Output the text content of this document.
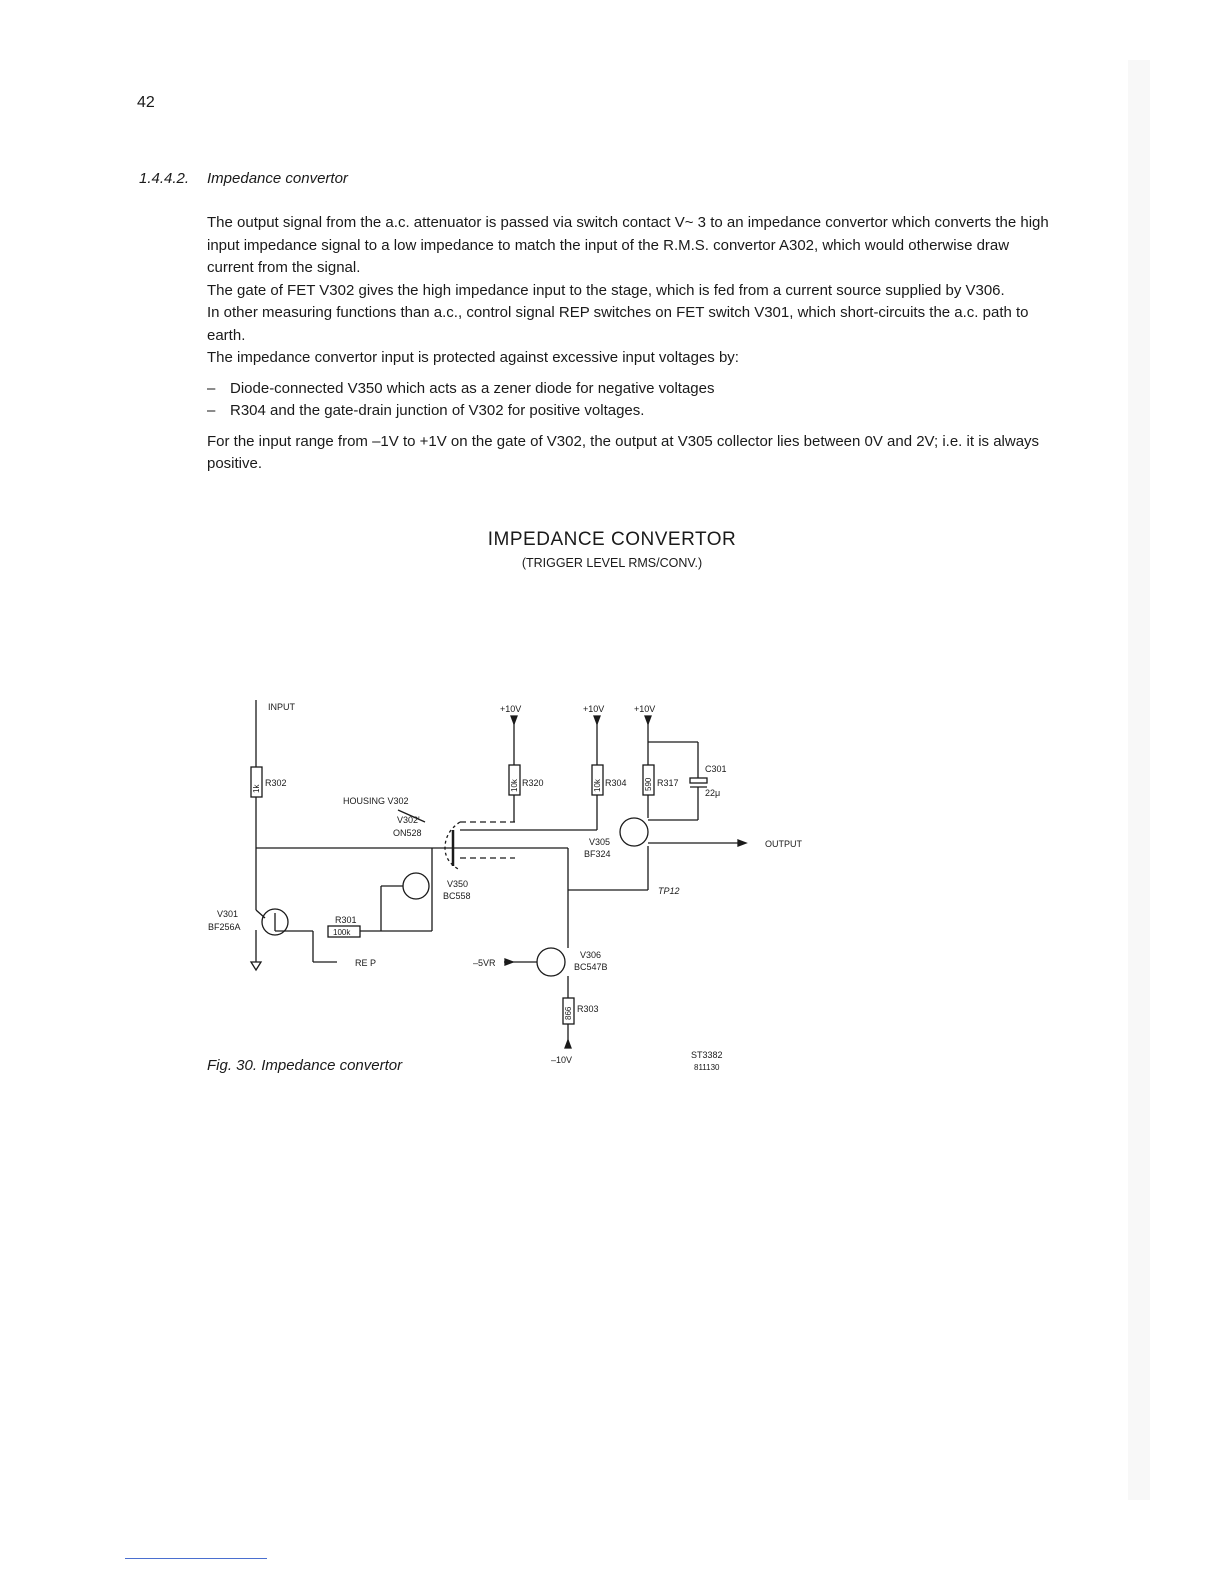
42
1.4.4.2. Impedance convertor

The output signal from the a.c. attenuator is passed via switch contact V~ 3 to an impedance convertor which converts the high input impedance signal to a low impedance to match the input of the R.M.S. convertor A302, which would otherwise draw current from the signal.

The gate of FET V302 gives the high impedance input to the stage, which is fed from a current source supplied by V306.

In other measuring functions than a.c., control signal REP switches on FET switch V301, which short-circuits the a.c. path to earth.

The impedance convertor input is protected against excessive input voltages by:

– Diode-connected V350 which acts as a zener diode for negative voltages
– R304 and the gate-drain junction of V302 for positive voltages.

For the input range from –1V to +1V on the gate of V302, the output at V305 collector lies between 0V and 2V; i.e. it is always positive.

IMPEDANCE CONVERTOR
(TRIGGER LEVEL RMS/CONV.)
INPUT
OUTPUT
R302	R320	R304	R317
C301
22μ
+10V	+10V	+10V
HOUSING V302
V302'
ON528
V305
BF324
V350
BC558
V301
BF256A
R301
100k
RE P
V306
BC547B
–5VR
R303
–10V
TP12
ST3382
811130
1k	10k	10k	590
866
Fig. 30. Impedance convertor
